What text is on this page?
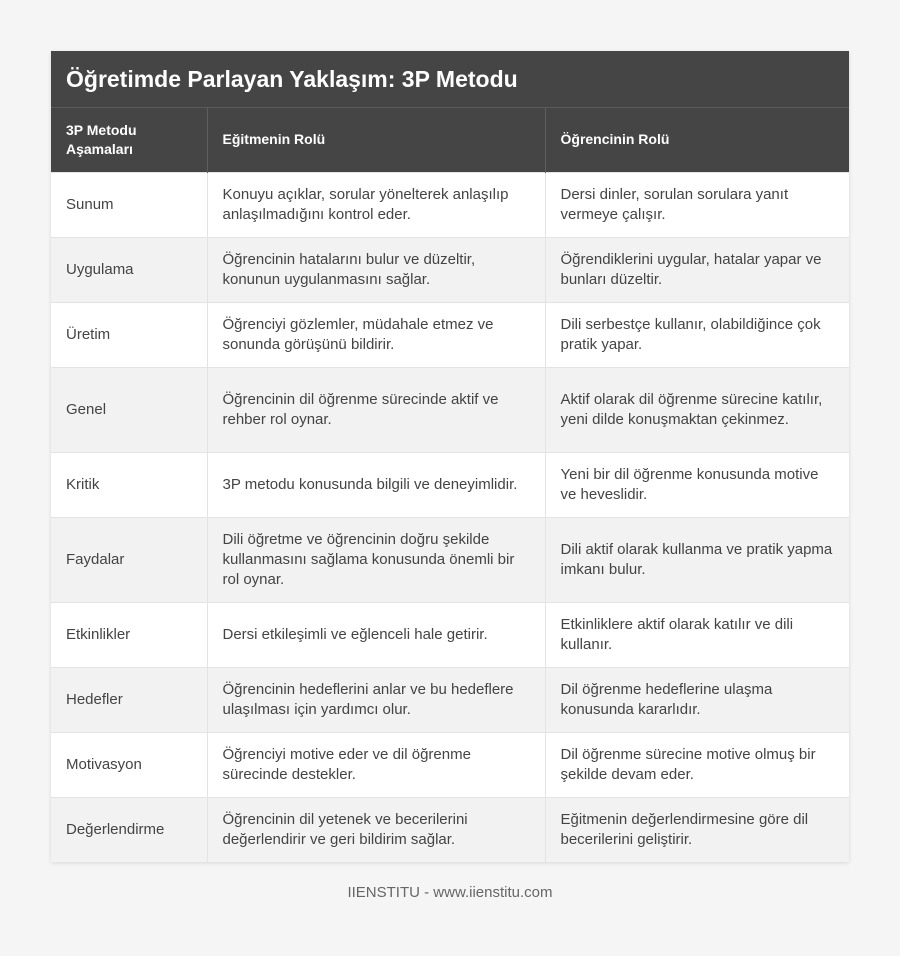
Öğretimde Parlayan Yaklaşım: 3P Metodu
3P Metodu Aşamaları	Eğitmenin Rolü	Öğrencinin Rolü
Sunum	Konuyu açıklar, sorular yönelterek anlaşılıp anlaşılmadığını kontrol eder.	Dersi dinler, sorulan sorulara yanıt vermeye çalışır.
Uygulama	Öğrencinin hatalarını bulur ve düzeltir, konunun uygulanmasını sağlar.	Öğrendiklerini uygular, hatalar yapar ve bunları düzeltir.
Üretim	Öğrenciyi gözlemler, müdahale etmez ve sonunda görüşünü bildirir.	Dili serbestçe kullanır, olabildiğince çok pratik yapar.
Genel	Öğrencinin dil öğrenme sürecinde aktif ve rehber rol oynar.	Aktif olarak dil öğrenme sürecine katılır, yeni dilde konuşmaktan çekinmez.
Kritik	3P metodu konusunda bilgili ve deneyimlidir.	Yeni bir dil öğrenme konusunda motive ve heveslidir.
Faydalar	Dili öğretme ve öğrencinin doğru şekilde kullanmasını sağlama konusunda önemli bir rol oynar.	Dili aktif olarak kullanma ve pratik yapma imkanı bulur.
Etkinlikler	Dersi etkileşimli ve eğlenceli hale getirir.	Etkinliklere aktif olarak katılır ve dili kullanır.
Hedefler	Öğrencinin hedeflerini anlar ve bu hedeflere ulaşılması için yardımcı olur.	Dil öğrenme hedeflerine ulaşma konusunda kararlıdır.
Motivasyon	Öğrenciyi motive eder ve dil öğrenme sürecinde destekler.	Dil öğrenme sürecine motive olmuş bir şekilde devam eder.
Değerlendirme	Öğrencinin dil yetenek ve becerilerini değerlendirir ve geri bildirim sağlar.	Eğitmenin değerlendirmesine göre dil becerilerini geliştirir.
IIENSTITU - www.iienstitu.com
